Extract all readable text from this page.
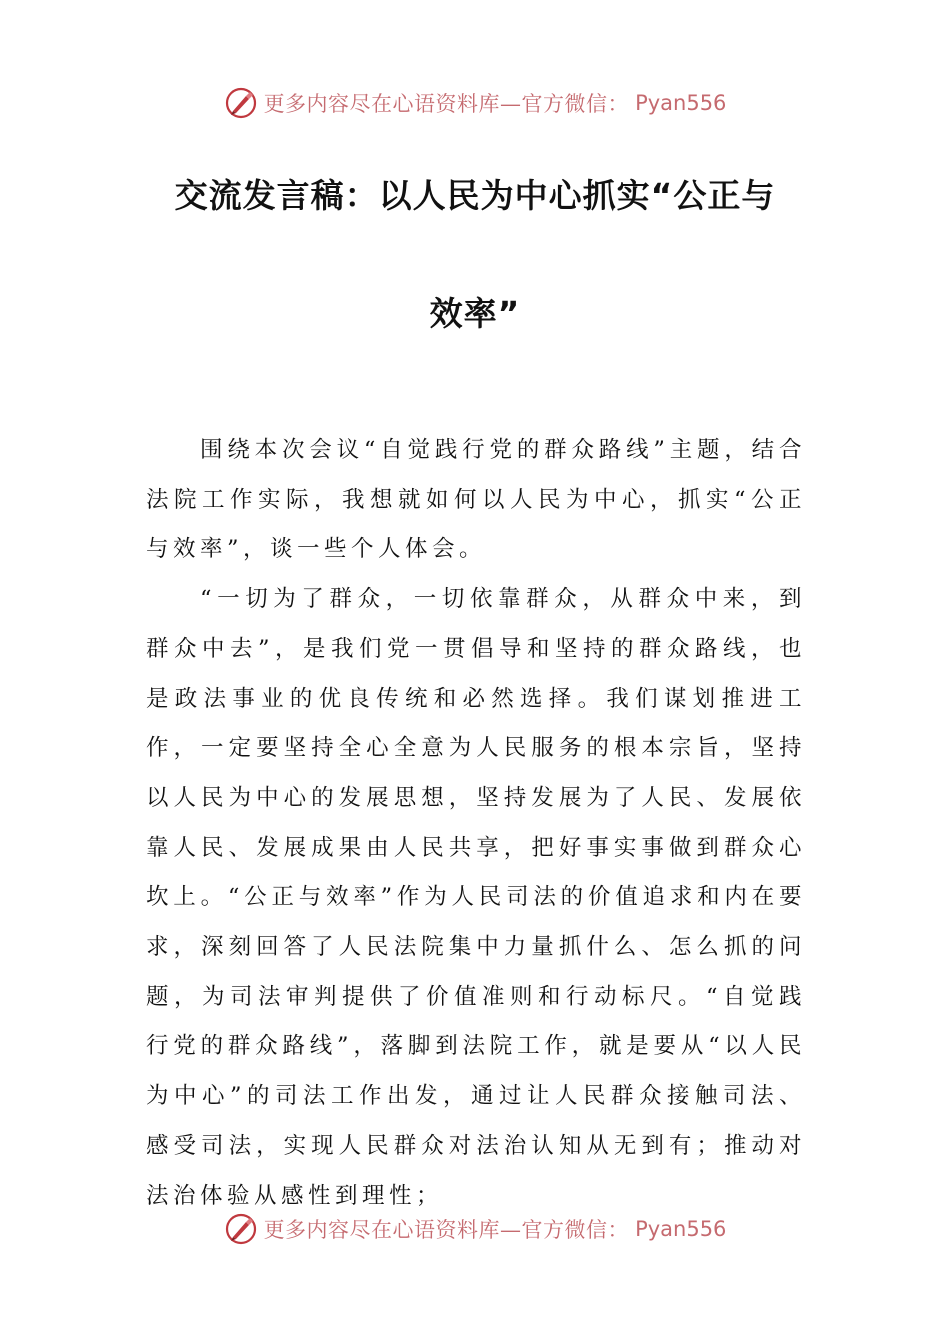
更多内容尽在心语资料库—官方微信： Pyan556
交流发言稿：以人民为中心抓实“公正与
效率”

围绕本次会议“自觉践行党的群众路线”主题，结合法院工作实际，我想就如何以人民为中心，抓实“公正与效率”，谈一些个人体会。

“一切为了群众，一切依靠群众，从群众中来，到群众中去”，是我们党一贯倡导和坚持的群众路线，也是政法事业的优良传统和必然选择。我们谋划推进工作，一定要坚持全心全意为人民服务的根本宗旨，坚持以人民为中心的发展思想，坚持发展为了人民、发展依靠人民、发展成果由人民共享，把好事实事做到群众心坎上。“公正与效率”作为人民司法的价值追求和内在要求，深刻回答了人民法院集中力量抓什么、怎么抓的问题，为司法审判提供了价值准则和行动标尺。“自觉践行党的群众路线”，落脚到法院工作，就是要从“以人民为中心”的司法工作出发，通过让人民群众接触司法、感受司法，实现人民群众对法治认知从无到有；推动对法治体验从感性到理性；

更多内容尽在心语资料库—官方微信： Pyan556
